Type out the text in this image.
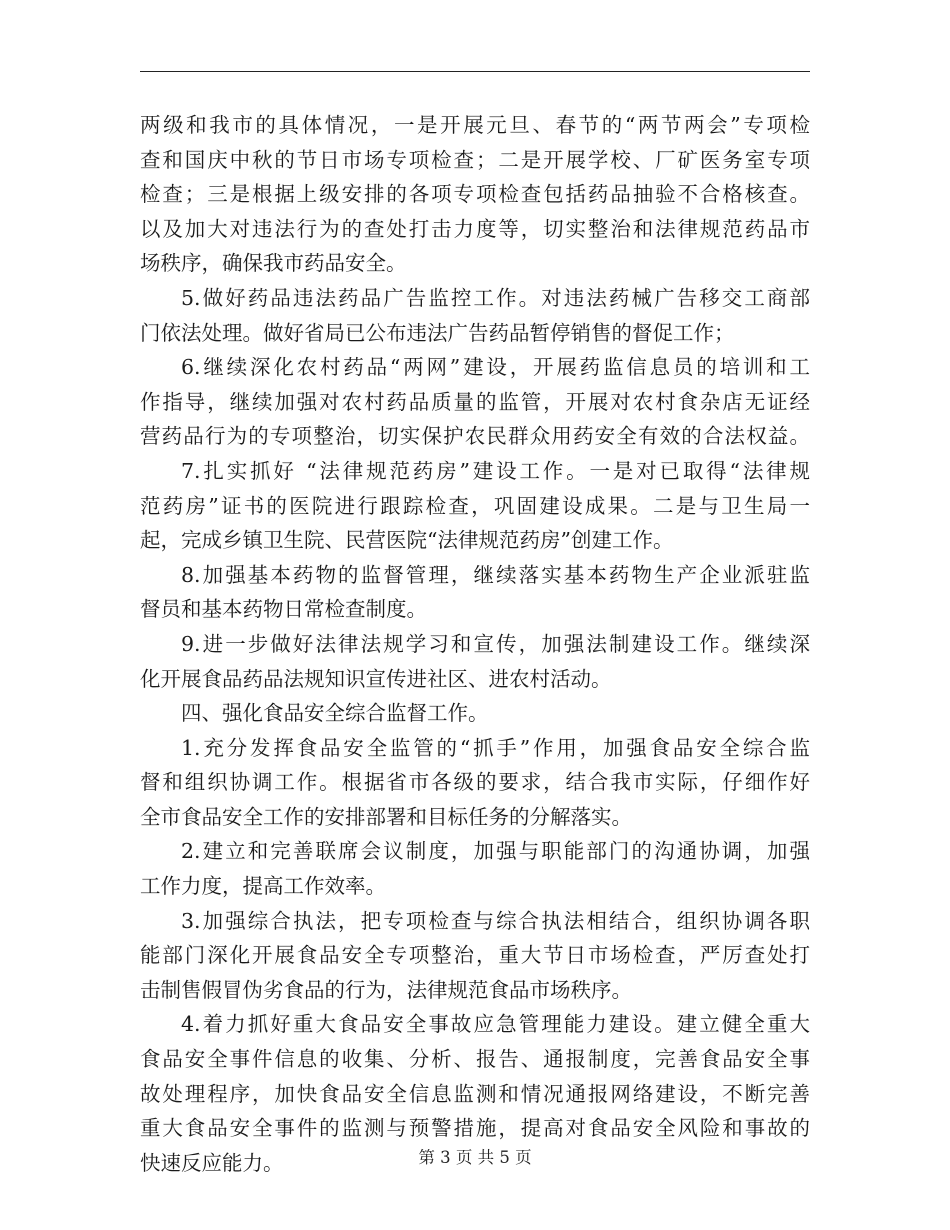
两级和我市的具体情况，一是开展元旦、春节的“两节两会”专项检
查和国庆中秋的节日市场专项检查；二是开展学校、厂矿医务室专项
检查；三是根据上级安排的各项专项检查包括药品抽验不合格核查。
以及加大对违法行为的查处打击力度等，切实整治和法律规范药品市
场秩序，确保我市药品安全。
5.做好药品违法药品广告监控工作。对违法药械广告移交工商部
门依法处理。做好省局已公布违法广告药品暂停销售的督促工作；
6.继续深化农村药品“两网”建设，开展药监信息员的培训和工
作指导，继续加强对农村药品质量的监管，开展对农村食杂店无证经
营药品行为的专项整治，切实保护农民群众用药安全有效的合法权益。
7.扎实抓好 “法律规范药房”建设工作。一是对已取得“法律规
范药房”证书的医院进行跟踪检查，巩固建设成果。二是与卫生局一
起，完成乡镇卫生院、民营医院“法律规范药房”创建工作。
8.加强基本药物的监督管理，继续落实基本药物生产企业派驻监
督员和基本药物日常检查制度。
9.进一步做好法律法规学习和宣传，加强法制建设工作。继续深
化开展食品药品法规知识宣传进社区、进农村活动。
四、强化食品安全综合监督工作。
1.充分发挥食品安全监管的“抓手”作用，加强食品安全综合监
督和组织协调工作。根据省市各级的要求，结合我市实际，仔细作好
全市食品安全工作的安排部署和目标任务的分解落实。
2.建立和完善联席会议制度，加强与职能部门的沟通协调，加强
工作力度，提高工作效率。
3.加强综合执法，把专项检查与综合执法相结合，组织协调各职
能部门深化开展食品安全专项整治，重大节日市场检查，严厉查处打
击制售假冒伪劣食品的行为，法律规范食品市场秩序。
4.着力抓好重大食品安全事故应急管理能力建设。建立健全重大
食品安全事件信息的收集、分析、报告、通报制度，完善食品安全事
故处理程序，加快食品安全信息监测和情况通报网络建设，不断完善
重大食品安全事件的监测与预警措施，提高对食品安全风险和事故的
快速反应能力。	第 3 页 共 5 页
